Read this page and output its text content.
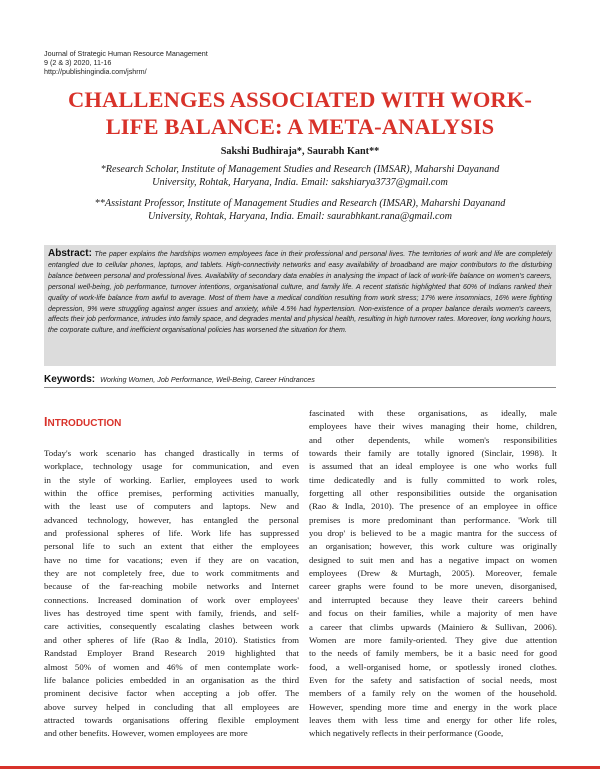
Journal of Strategic Human Resource Management
9 (2 & 3) 2020, 11-16
http://publishingindia.com/jshrm/
CHALLENGES ASSOCIATED WITH WORK-
LIFE BALANCE: A META-ANALYSIS
Sakshi Budhiraja*, Saurabh Kant**
*Research Scholar, Institute of Management Studies and Research (IMSAR), Maharshi Dayanand
University, Rohtak, Haryana, India. Email: sakshiarya3737@gmail.com
**Assistant Professor, Institute of Management Studies and Research (IMSAR), Maharshi Dayanand
University, Rohtak, Haryana, India. Email: saurabhkant.rana@gmail.com

Abstract: The paper explains the hardships women employees face in their professional and personal lives. The territories of work and life are completely entangled due to cellular phones, laptops, and tablets. High-connectivity networks and easy availability of broadband are major contributors to the disturbing balance between personal and professional lives. Availability of secondary data enables in analysing the impact of lack of work-life balance on women's careers, personal well-being, job performance, turnover intentions, organisational culture, and family life. A recent statistic highlighted that 60% of Indians ranked their quality of work-life balance from awful to average. Most of them have a medical condition resulting from work stress; 17% were insomniacs, 16% were fighting depression, 9% were struggling against anger issues and anxiety, while 4.5% had hypertension. Non-existence of a proper balance derails women's careers, affects their job performance, intrudes into family space, and degrades mental and physical health, resulting in high turnover rates. Moreover, long working hours, the corporate culture, and inefficient organisational policies has worsened the situation for them.

Keywords: Working Women, Job Performance, Well-Being, Career Hindrances
INTRODUCTION
Today's work scenario has changed drastically in terms of
workplace, technology usage for communication, and even
in the style of working. Earlier, employees used to work
within the office premises, performing activities manually,
with the least use of computers and laptops. New and
advanced technology, however, has entangled the personal
and professional spheres of life. Work life has suppressed
personal life to such an extent that either the employees
have no time for vacations; even if they are on vacation,
they are not completely free, due to work commitments and
because of the far-reaching mobile networks and Internet
connections. Increased domination of work over employees'
lives has destroyed time spent with family, friends, and self-
care activities, consequently escalating clashes between work
and other spheres of life (Rao & Indla, 2010). Statistics from
Randstad Employer Brand Research 2019 highlighted that
almost 50% of women and 46% of men contemplate work-
life balance policies embedded in an organisation as the third
prominent decisive factor when accepting a job offer. The
above survey helped in concluding that all employees are
attracted towards organisations offering flexible employment
and other benefits. However, women employees are more
fascinated with these organisations, as ideally, male
employees have their wives managing their home, children,
and other dependents, while women's responsibilities
towards their family are totally ignored (Sinclair, 1998). It
is assumed that an ideal employee is one who works full
time dedicatedly and is fully committed to work roles,
forgetting all other responsibilities outside the organisation
(Rao & Indla, 2010). The presence of an employee in office
premises is more predominant than performance. 'Work till
you drop' is believed to be a magic mantra for the success of
an organisation; however, this work culture was originally
designed to suit men and has a negative impact on women
employees (Drew & Murtagh, 2005). Moreover, female
career graphs were found to be more uneven, disorganised,
and interrupted because they leave their careers behind
and focus on their families, while a majority of men have
a career that climbs upwards (Mainiero & Sullivan, 2006).
Women are more family-oriented. They give due attention
to the needs of family members, be it a basic need for good
food, a well-organised home, or spotlessly ironed clothes.
Even for the safety and satisfaction of social needs, most
members of a family rely on the women of the household.
However, spending more time and energy in the work place
leaves them with less time and energy for other life roles,
which negatively reflects in their performance (Goode,
